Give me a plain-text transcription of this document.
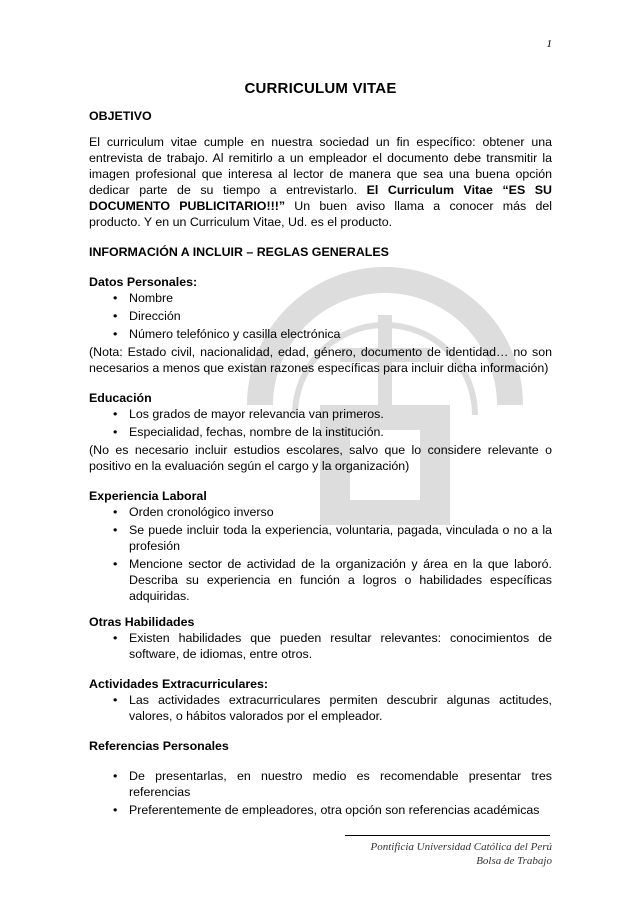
1
CURRICULUM VITAE
OBJETIVO

El curriculum vitae cumple en nuestra sociedad un fin específico: obtener una entrevista de trabajo. Al remitirlo a un empleador el documento debe transmitir la imagen profesional que interesa al lector de manera que sea una buena opción dedicar parte de su tiempo a entrevistarlo. El Curriculum Vitae “ES SU DOCUMENTO PUBLICITARIO!!!” Un buen aviso llama a conocer más del producto. Y en un Curriculum Vitae, Ud. es el producto.

INFORMACIÓN A INCLUIR – REGLAS GENERALES
Datos Personales:
• Nombre
• Dirección
• Número telefónico y casilla electrónica

(Nota: Estado civil, nacionalidad, edad, género, documento de identidad… no son necesarios a menos que existan razones específicas para incluir dicha información)

Educación
• Los grados de mayor relevancia van primeros.
• Especialidad, fechas, nombre de la institución.

(No es necesario incluir estudios escolares, salvo que lo considere relevante o positivo en la evaluación según el cargo y la organización)

Experiencia Laboral
• Orden cronológico inverso
• Se puede incluir toda la experiencia, voluntaria, pagada, vinculada o no a la profesión
• Mencione sector de actividad de la organización y área en la que laboró. Describa su experiencia en función a logros o habilidades específicas adquiridas.
Otras Habilidades
• Existen habilidades que pueden resultar relevantes: conocimientos de software, de idiomas, entre otros.
Actividades Extracurriculares:
• Las actividades extracurriculares permiten descubrir algunas actitudes, valores, o hábitos valorados por el empleador.
Referencias Personales
• De presentarlas, en nuestro medio es recomendable presentar tres referencias
• Preferentemente de empleadores, otra opción son referencias académicas
Pontificia Universidad Católica del Perú
Bolsa de Trabajo
